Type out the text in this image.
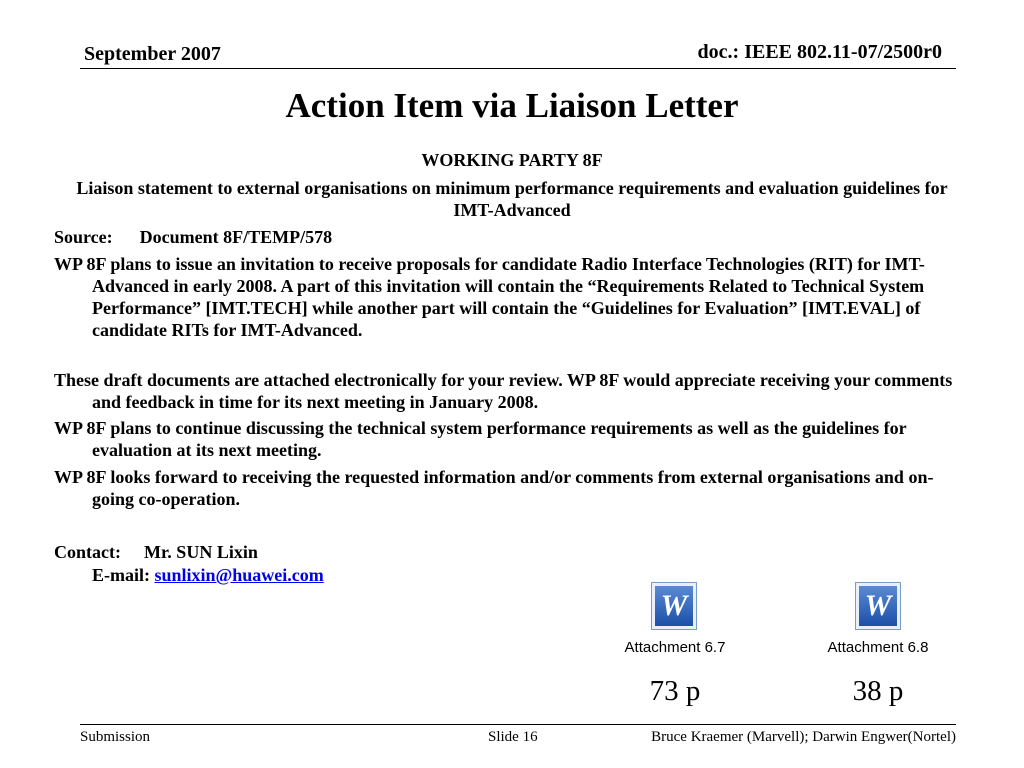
September 2007	doc.: IEEE 802.11-07/2500r0
Action Item via Liaison Letter
WORKING PARTY 8F
Liaison statement to external organisations on minimum performance requirements and evaluation guidelines for IMT-Advanced
Source: Document 8F/TEMP/578
WP 8F plans to issue an invitation to receive proposals for candidate Radio Interface Technologies (RIT) for IMT-Advanced in early 2008. A part of this invitation will contain the “Requirements Related to Technical System Performance” [IMT.TECH] while another part will contain the “Guidelines for Evaluation” [IMT.EVAL] of candidate RITs for IMT-Advanced.
These draft documents are attached electronically for your review. WP 8F would appreciate receiving your comments and feedback in time for its next meeting in January 2008.
WP 8F plans to continue discussing the technical system performance requirements as well as the guidelines for evaluation at its next meeting.
WP 8F looks forward to receiving the requested information and/or comments from external organisations and on-going co-operation.
Contact: Mr. SUN Lixin
E-mail: sunlixin@huawei.com
W
Attachment 6.7
73 p
W
Attachment 6.8
38 p
Submission	Slide 16	Bruce Kraemer (Marvell); Darwin Engwer(Nortel)
